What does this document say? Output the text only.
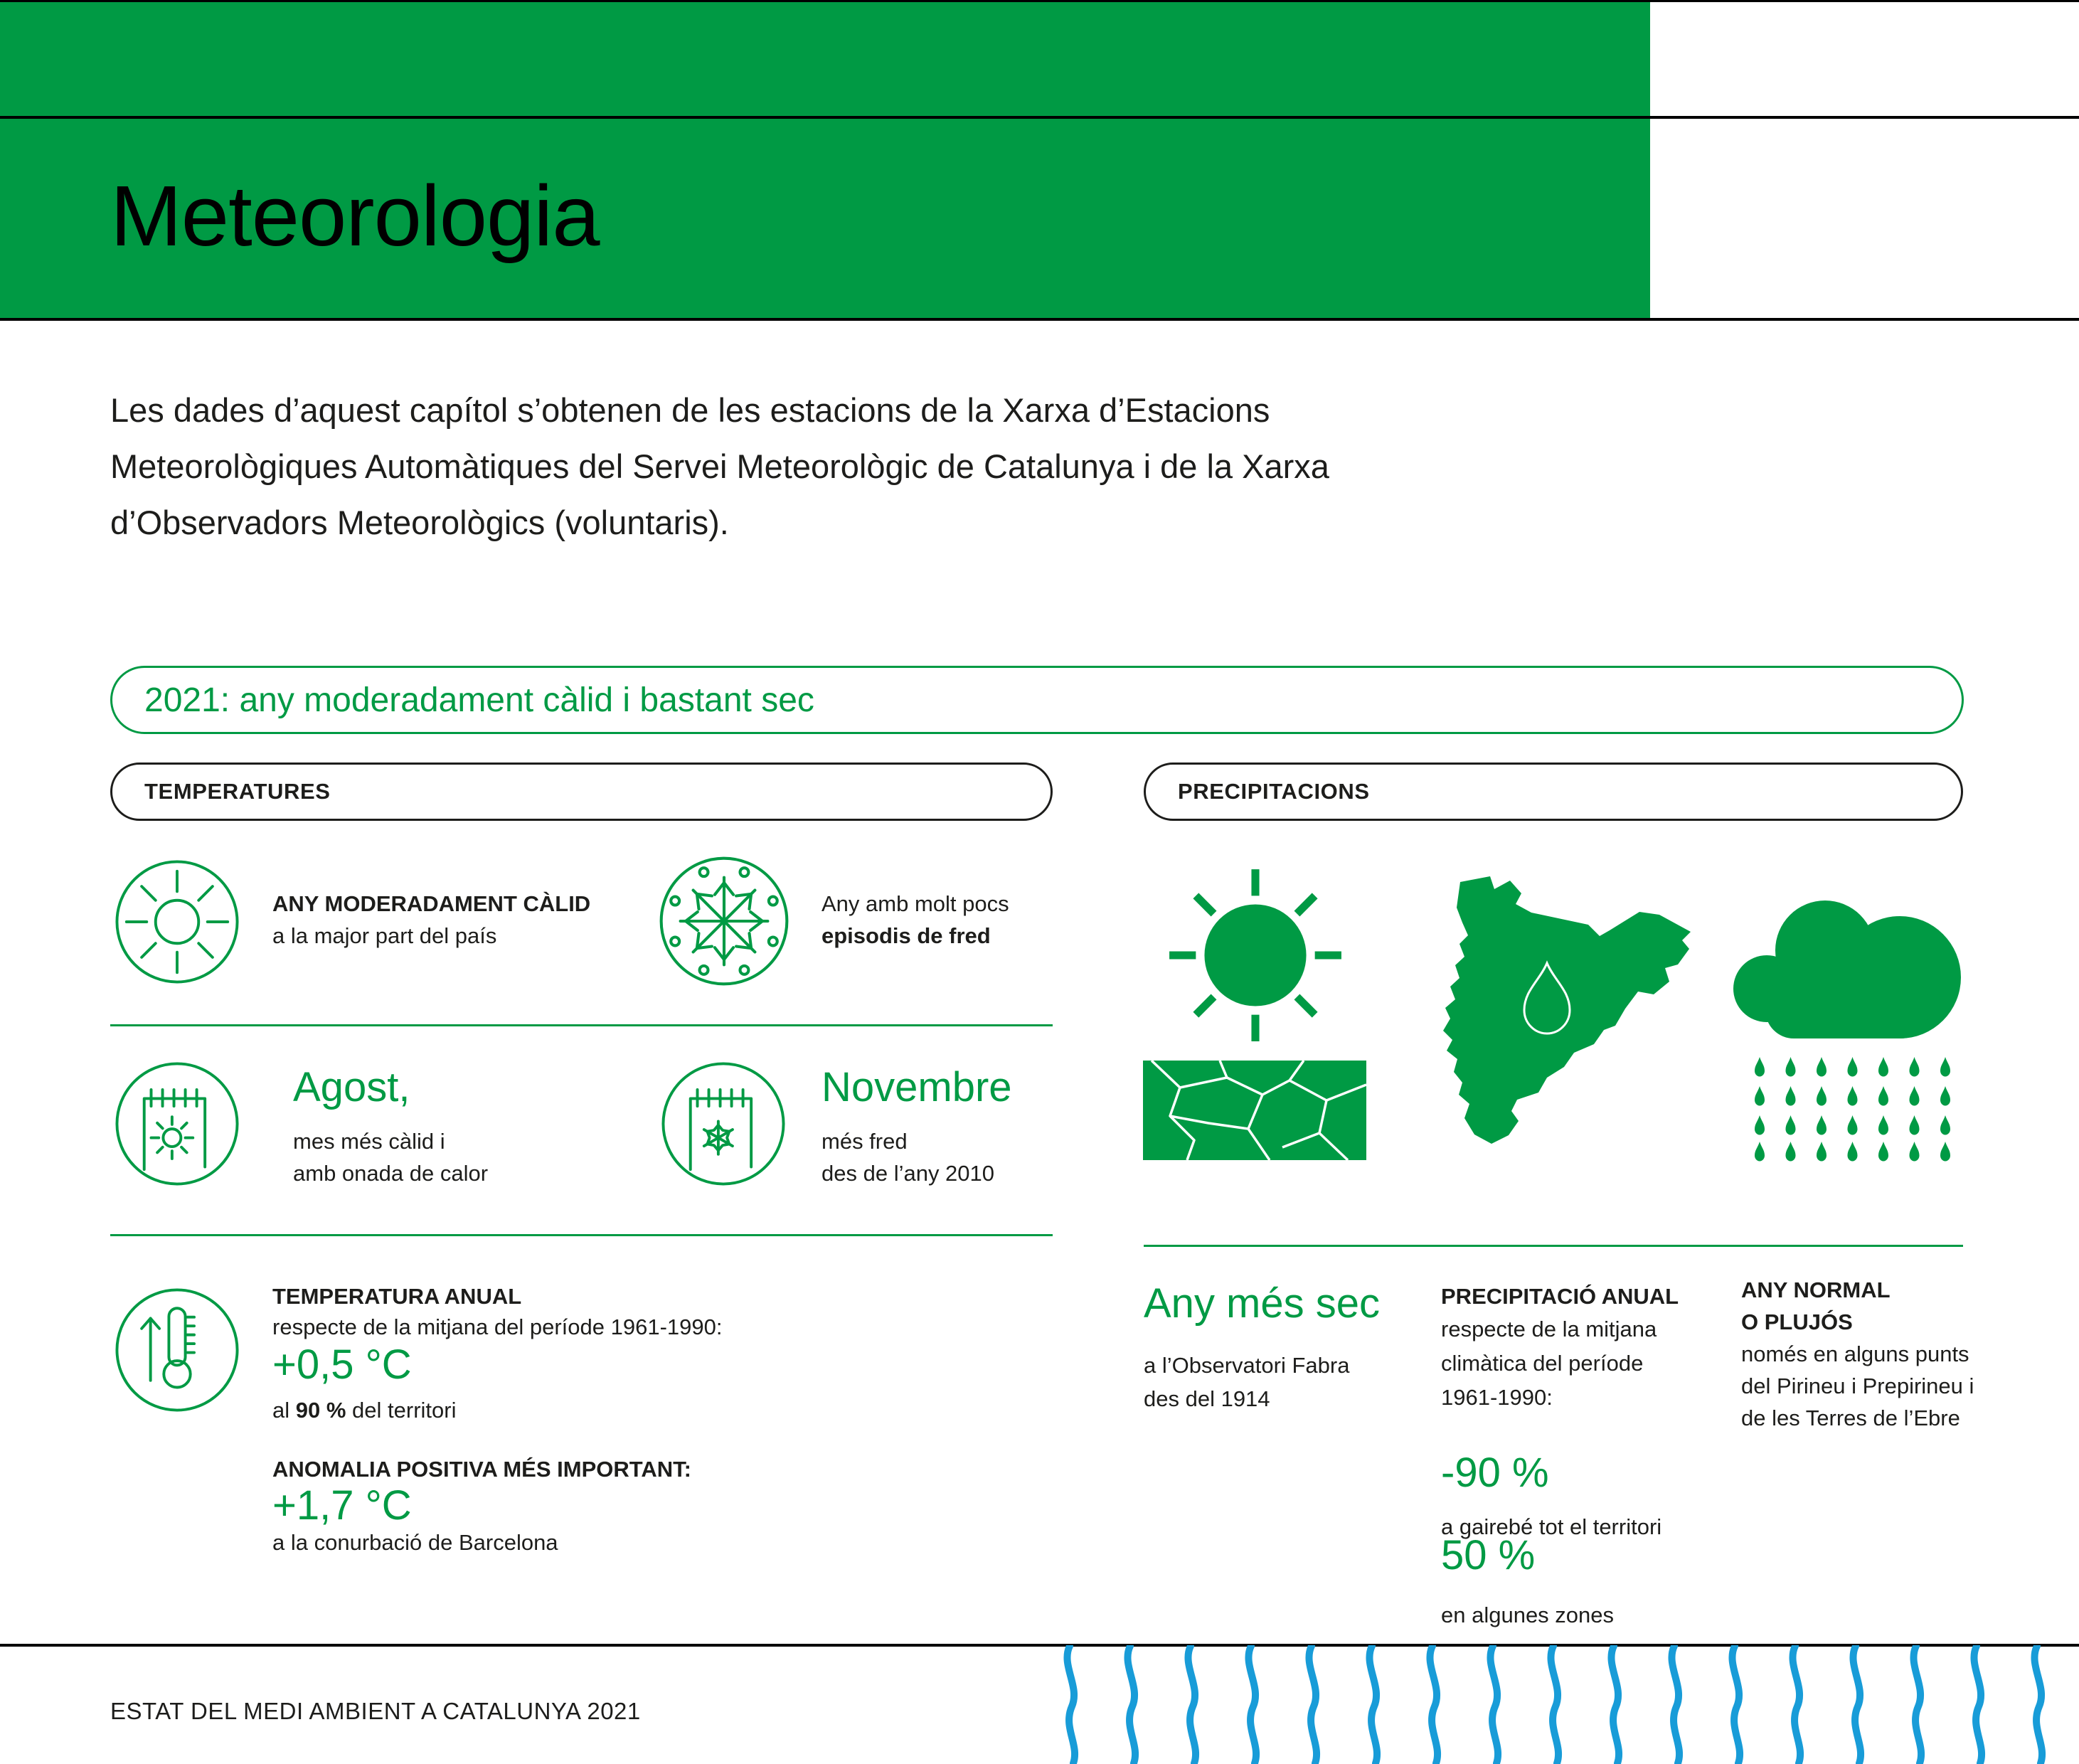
Meteorologia
Les dades d’aquest capítol s’obtenen de les estacions de la Xarxa d’Estacions
Meteorològiques Automàtiques del Servei Meteorològic de Catalunya i de la Xarxa
d’Observadors Meteorològics (voluntaris).
2021: any moderadament càlid i bastant sec
TEMPERATURES	PRECIPITACIONS
ANY MODERADAMENT CÀLID
a la major part del país
Any amb molt pocs
episodis de fred
Agost,
mes més càlid i
amb onada de calor
Novembre
més fred
des de l’any 2010
TEMPERATURA ANUAL
respecte de la mitjana del període 1961-1990:
+0,5 °C
al 90 % del territori
ANOMALIA POSITIVA MÉS IMPORTANT:
+1,7 °C
a la conurbació de Barcelona
Any més sec
a l’Observatori Fabra
des del 1914
PRECIPITACIÓ ANUAL
respecte de la mitjana
climàtica del període
1961-1990:
-90 %
a gairebé tot el territori
50 %
en algunes zones
ANY NORMAL
O PLUJÓS
només en alguns punts
del Pirineu i Prepirineu i
de les Terres de l’Ebre
ESTAT DEL MEDI AMBIENT A CATALUNYA 2021
